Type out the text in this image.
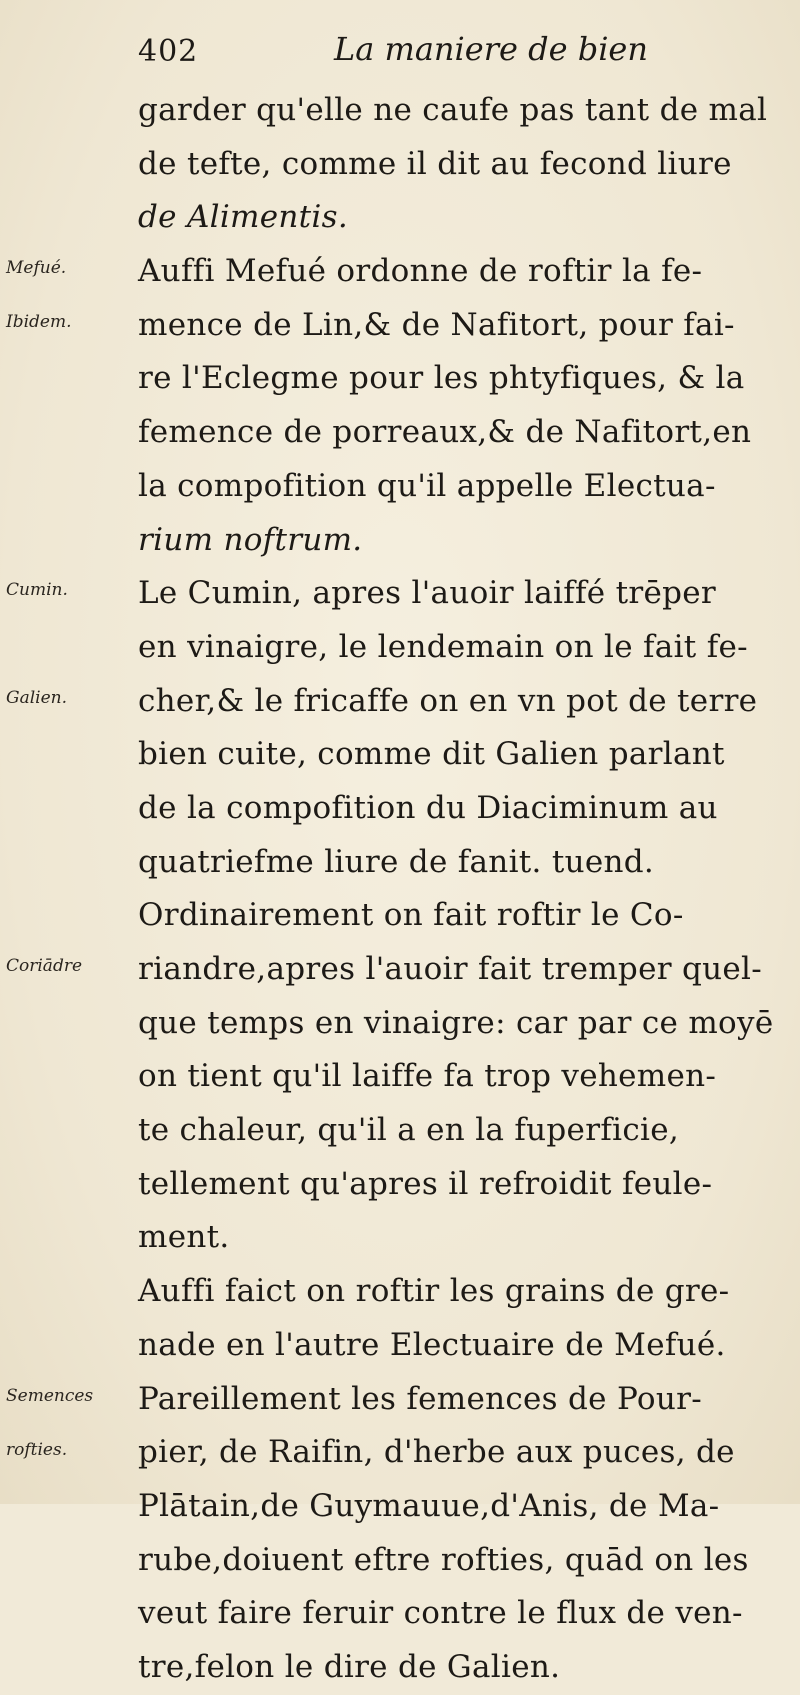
402	La maniere de bien
garder qu'elle ne caufe pas tant de mal
de tefte, comme il dit au fecond liure
de Alimentis.
Auffi Mefué ordonne de roftir la fe-
mence de Lin,& de Nafitort, pour fai-
re l'Eclegme pour les phtyfiques, & la
femence de porreaux,& de Nafitort,en
la compofition qu'il appelle Electua-
rium noftrum.
Le Cumin, apres l'auoir laiffé trēper
en vinaigre, le lendemain on le fait fe-
cher,& le fricaffe on en vn pot de terre
bien cuite, comme dit Galien parlant
de la compofition du Diaciminum au
quatriefme liure de fanit. tuend.
Ordinairement on fait roftir le Co-
riandre,apres l'auoir fait tremper quel-
que temps en vinaigre: car par ce moyē
on tient qu'il laiffe fa trop vehemen-
te chaleur, qu'il a en la fuperficie,
tellement qu'apres il refroidit feule-
ment.
Auffi faict on roftir les grains de gre-
nade en l'autre Electuaire de Mefué.
Pareillement les femences de Pour-
pier, de Raifin, d'herbe aux puces, de
Plātain,de Guymauue,d'Anis, de Ma-
rube,doiuent eftre rofties, quād on les
veut faire feruir contre le flux de ven-
tre,felon le dire de Galien.
Mefué.
Ibidem.
Cumin.
Galien.
Coriādre
Semences
rofties.
